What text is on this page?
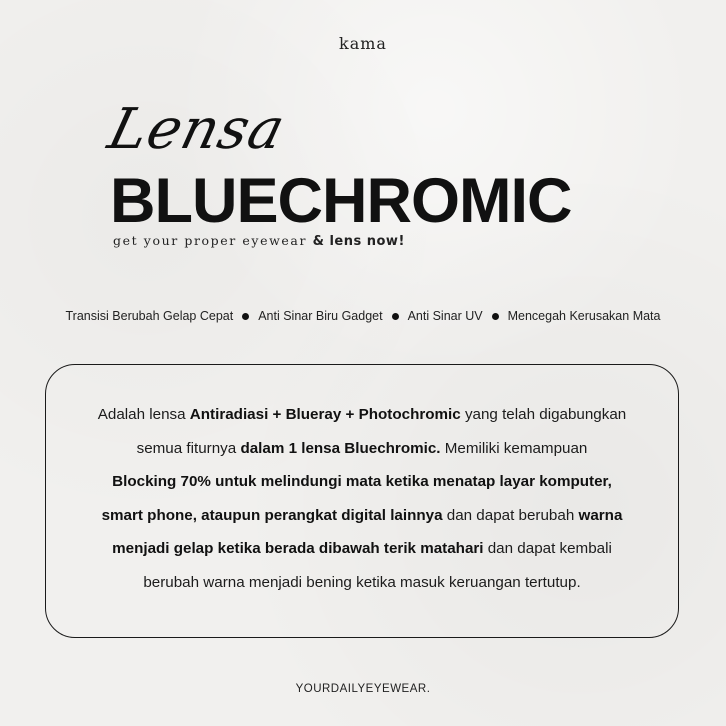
kama
Lensa
BLUECHROMIC
get your proper eyewear & lens now!
Transisi Berubah Gelap Cepat Anti Sinar Biru Gadget Anti Sinar UV Mencegah Kerusakan Mata
Adalah lensa Antiradiasi + Blueray + Photochromic yang telah digabungkan
semua fiturnya dalam 1 lensa Bluechromic. Memiliki kemampuan
Blocking 70% untuk melindungi mata ketika menatap layar komputer,
smart phone, ataupun perangkat digital lainnya dan dapat berubah warna
menjadi gelap ketika berada dibawah terik matahari dan dapat kembali
berubah warna menjadi bening ketika masuk keruangan tertutup.
YOURDAILYEYEWEAR.
